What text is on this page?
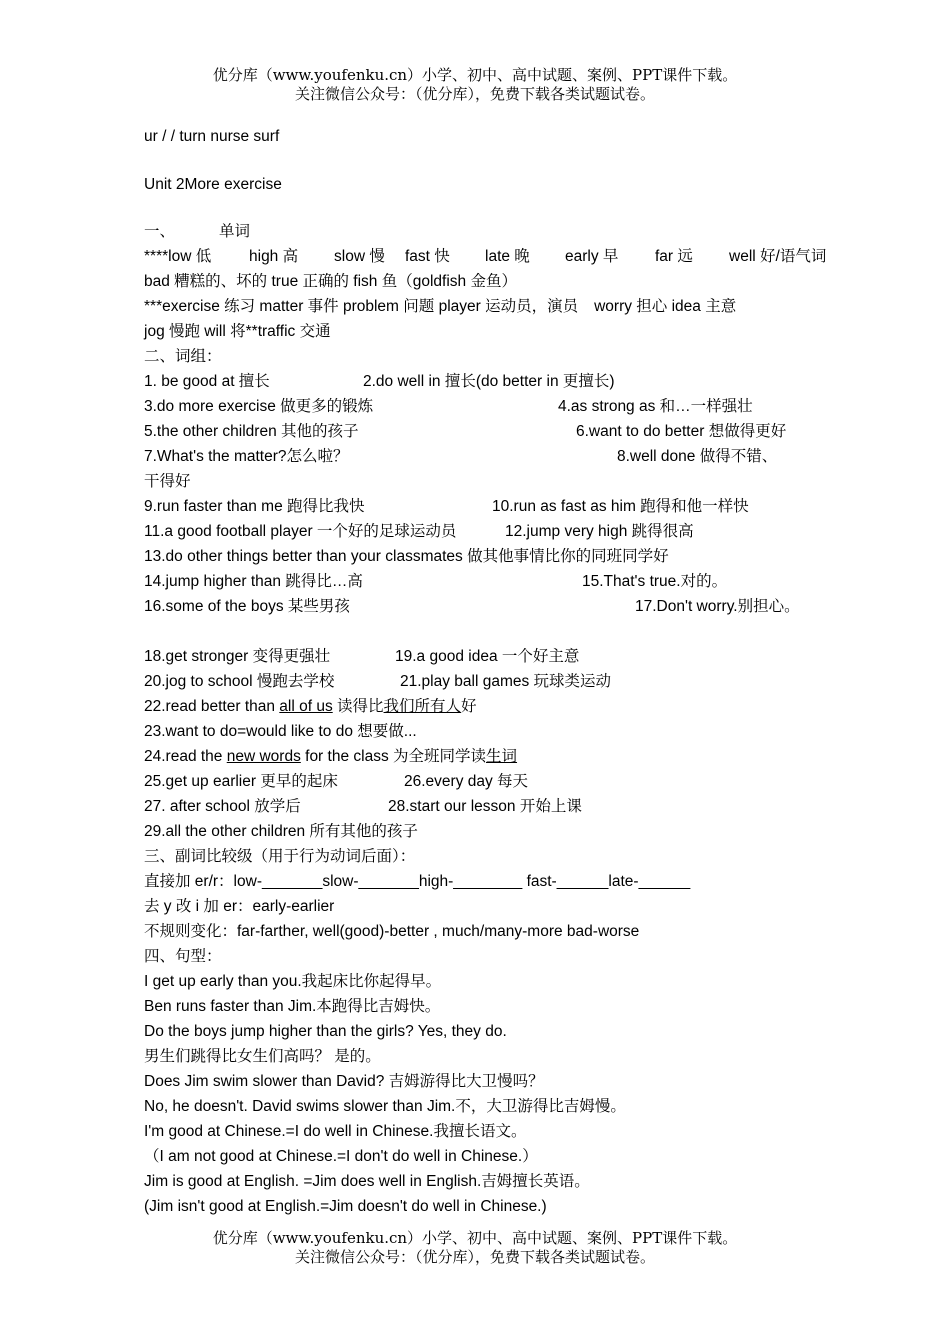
优分库（www.youfenku.cn）小学、初中、高中试题、案例、PPT课件下载。
关注微信公众号：（优分库），免费下载各类试题试卷。
ur / / turn nurse surf
Unit 2More exercise
一、	单词
****low 低 high 高 slow 慢 fast 快 late 晚 early 早 far 远 well 好/语气词
bad 糟糕的、坏的 true 正确的 fish 鱼（goldfish 金鱼）
***exercise 练习 matter 事件 problem 问题 player 运动员，演员 worry 担心 idea 主意
jog 慢跑 will 将**traffic 交通
二、词组：
1. be good at 擅长	2.do well in 擅长(do better in 更擅长)
3.do more exercise 做更多的锻炼	4.as strong as 和…一样强壮
5.the other children 其他的孩子	6.want to do better 想做得更好
7.What's the matter?怎么啦？	8.well done 做得不错、
干得好
9.run faster than me 跑得比我快	10.run as fast as him 跑得和他一样快
11.a good football player 一个好的足球运动员	12.jump very high 跳得很高
13.do other things better than your classmates 做其他事情比你的同班同学好
14.jump higher than 跳得比…高	15.That's true.对的。
16.some of the boys 某些男孩	17.Don't worry.别担心。
18.get stronger 变得更强壮	19.a good idea 一个好主意
20.jog to school 慢跑去学校	21.play ball games 玩球类运动
22.read better than all of us 读得比我们所有人好
23.want to do=would like to do 想要做...
24.read the new words for the class 为全班同学读生词
25.get up earlier 更早的起床	26.every day 每天
27. after school 放学后	28.start our lesson 开始上课
29.all the other children 所有其他的孩子
三、副词比较级（用于行为动词后面）：
直接加 er/r：low-_______slow-_______high-________ fast-______late-______
去 y 改 i 加 er：early-earlier
不规则变化：far-farther, well(good)-better , much/many-more bad-worse
四、句型：
I get up early than you.我起床比你起得早。
Ben runs faster than Jim.本跑得比吉姆快。
Do the boys jump higher than the girls? Yes, they do.
男生们跳得比女生们高吗？ 是的。
Does Jim swim slower than David? 吉姆游得比大卫慢吗？
No, he doesn't. David swims slower than Jim.不，大卫游得比吉姆慢。
I'm good at Chinese.=I do well in Chinese.我擅长语文。
（I am not good at Chinese.=I don't do well in Chinese.）
Jim is good at English. =Jim does well in English.吉姆擅长英语。
(Jim isn't good at English.=Jim doesn't do well in Chinese.)
优分库（www.youfenku.cn）小学、初中、高中试题、案例、PPT课件下载。
关注微信公众号：（优分库），免费下载各类试题试卷。
